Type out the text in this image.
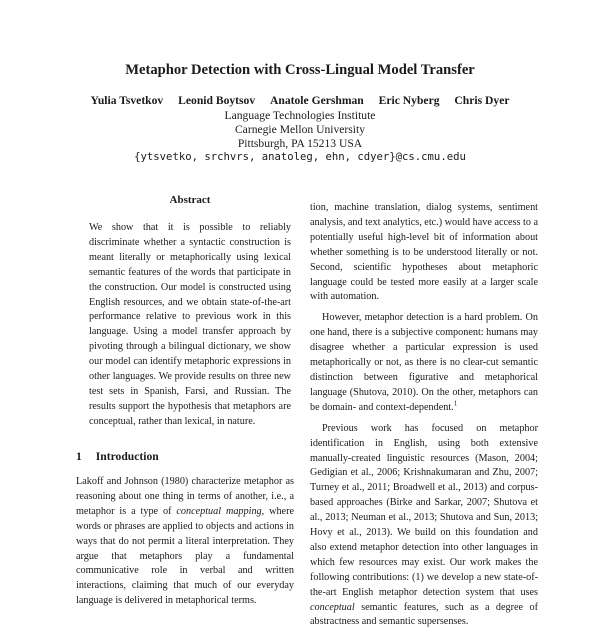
Metaphor Detection with Cross-Lingual Model Transfer
Yulia Tsvetkov Leonid Boytsov Anatole Gershman Eric Nyberg Chris Dyer
Language Technologies Institute
Carnegie Mellon University
Pittsburgh, PA 15213 USA
{ytsvetko, srchvrs, anatoleg, ehn, cdyer}@cs.cmu.edu
Abstract
We show that it is possible to reliably discriminate whether a syntactic construction is meant literally or metaphorically using lexical semantic features of the words that participate in the construction. Our model is constructed using English resources, and we obtain state-of-the-art performance relative to previous work in this language. Using a model transfer approach by pivoting through a bilingual dictionary, we show our model can identify metaphoric expressions in other languages. We provide results on three new test sets in Spanish, Farsi, and Russian. The results support the hypothesis that metaphors are conceptual, rather than lexical, in nature.
1 Introduction

Lakoff and Johnson (1980) characterize metaphor as reasoning about one thing in terms of another, i.e., a metaphor is a type of conceptual mapping, where words or phrases are applied to objects and actions in ways that do not permit a literal interpretation. They argue that metaphors play a fundamental communicative role in verbal and written interactions, claiming that much of our everyday language is delivered in metaphorical terms.

tion, machine translation, dialog systems, sentiment analysis, and text analytics, etc.) would have access to a potentially useful high-level bit of information about whether something is to be understood literally or not. Second, scientific hypotheses about metaphoric language could be tested more easily at a larger scale with automation.

However, metaphor detection is a hard problem. On one hand, there is a subjective component: humans may disagree whether a particular expression is used metaphorically or not, as there is no clear-cut semantic distinction between figurative and metaphorical language (Shutova, 2010). On the other, metaphors can be domain- and context-dependent.$^1$

Previous work has focused on metaphor identification in English, using both extensive manually-created linguistic resources (Mason, 2004; Gedigian et al., 2006; Krishnakumaran and Zhu, 2007; Turney et al., 2011; Broadwell et al., 2013) and corpus-based approaches (Birke and Sarkar, 2007; Shutova et al., 2013; Neuman et al., 2013; Shutova and Sun, 2013; Hovy et al., 2013). We build on this foundation and also extend metaphor detection into other languages in which few resources may exist. Our work makes the following contributions: (1) we develop a new state-of-the-art English metaphor detection system that uses conceptual semantic features, such as a degree of abstractness and semantic supersenses.
